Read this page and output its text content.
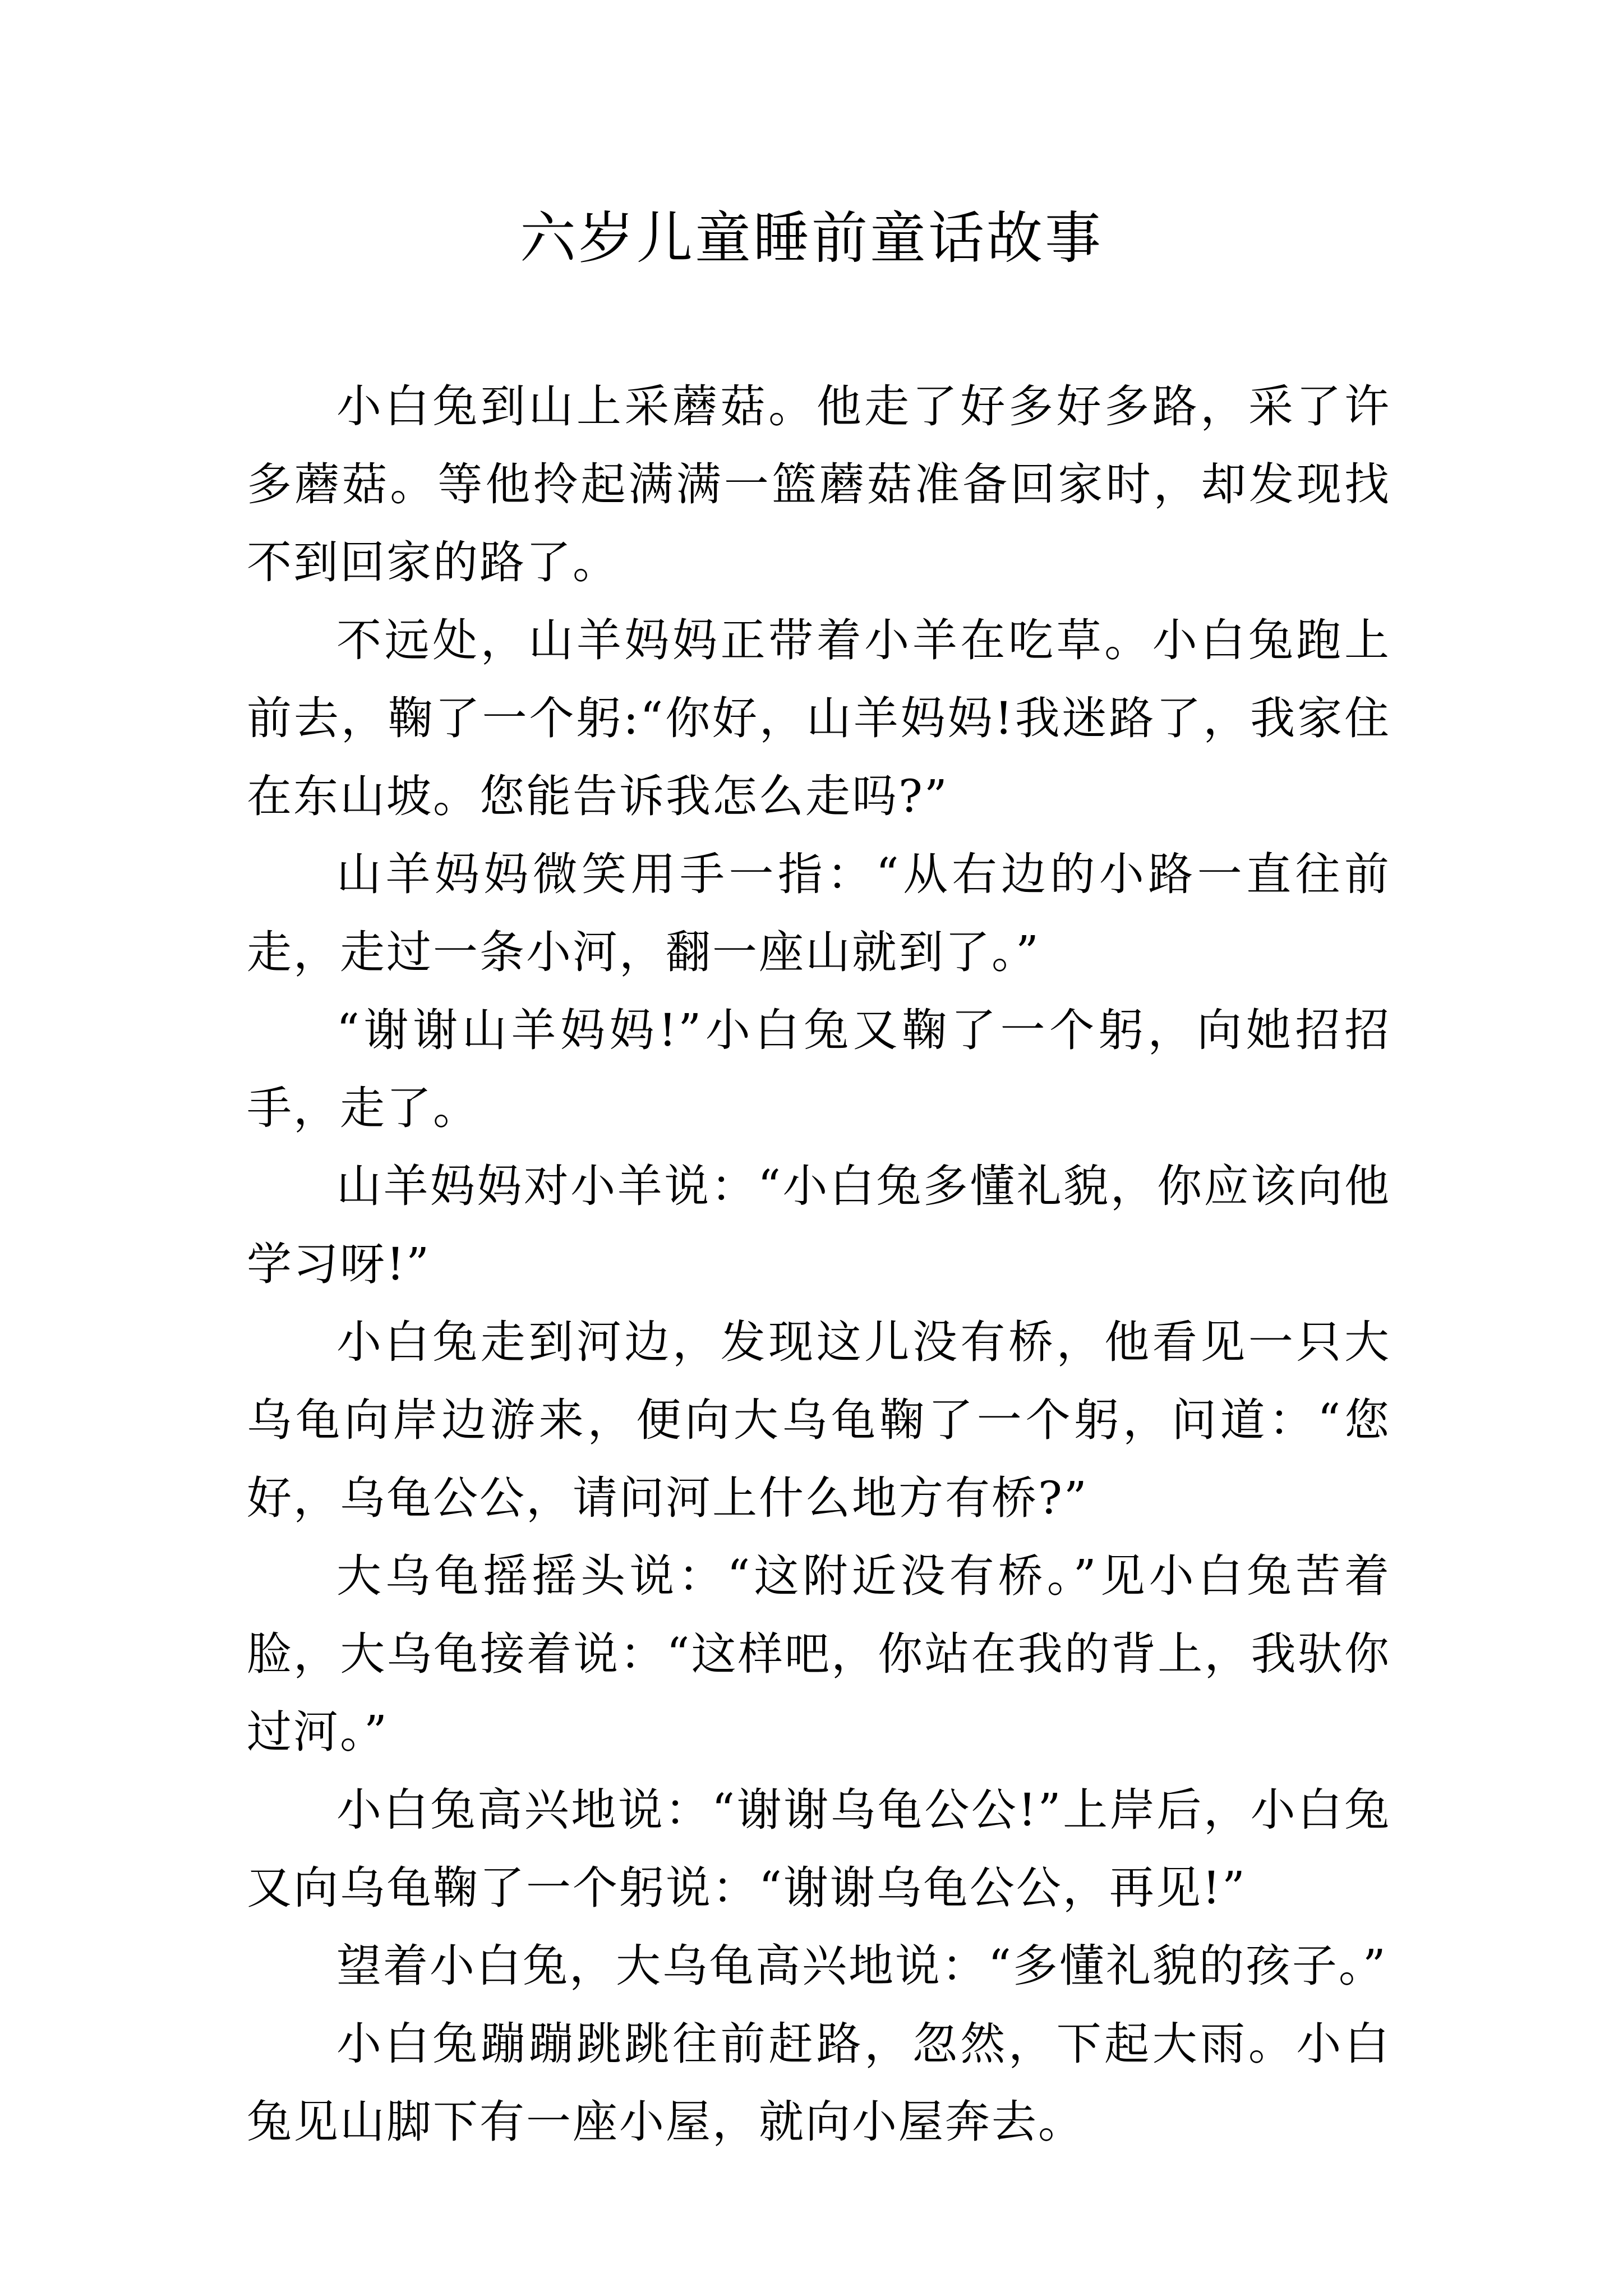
六岁儿童睡前童话故事

小白兔到山上采蘑菇。他走了好多好多路，采了许多蘑菇。等他拎起满满一篮蘑菇准备回家时，却发现找不到回家的路了。

不远处，山羊妈妈正带着小羊在吃草。小白兔跑上前去，鞠了一个躬:“你好，山羊妈妈!我迷路了，我家住在东山坡。您能告诉我怎么走吗?”

山羊妈妈微笑用手一指：“从右边的小路一直往前走，走过一条小河，翻一座山就到了。”

“谢谢山羊妈妈!”小白兔又鞠了一个躬，向她招招手，走了。

山羊妈妈对小羊说：“小白兔多懂礼貌，你应该向他学习呀!”

小白兔走到河边，发现这儿没有桥，他看见一只大乌龟向岸边游来，便向大乌龟鞠了一个躬，问道：“您好，乌龟公公，请问河上什么地方有桥?”

大乌龟摇摇头说：“这附近没有桥。”见小白兔苦着脸，大乌龟接着说：“这样吧，你站在我的背上，我驮你过河。”

小白兔高兴地说：“谢谢乌龟公公!”上岸后，小白兔又向乌龟鞠了一个躬说：“谢谢乌龟公公，再见!”

望着小白兔，大乌龟高兴地说：“多懂礼貌的孩子。”

小白兔蹦蹦跳跳往前赶路，忽然，下起大雨。小白兔见山脚下有一座小屋，就向小屋奔去。
